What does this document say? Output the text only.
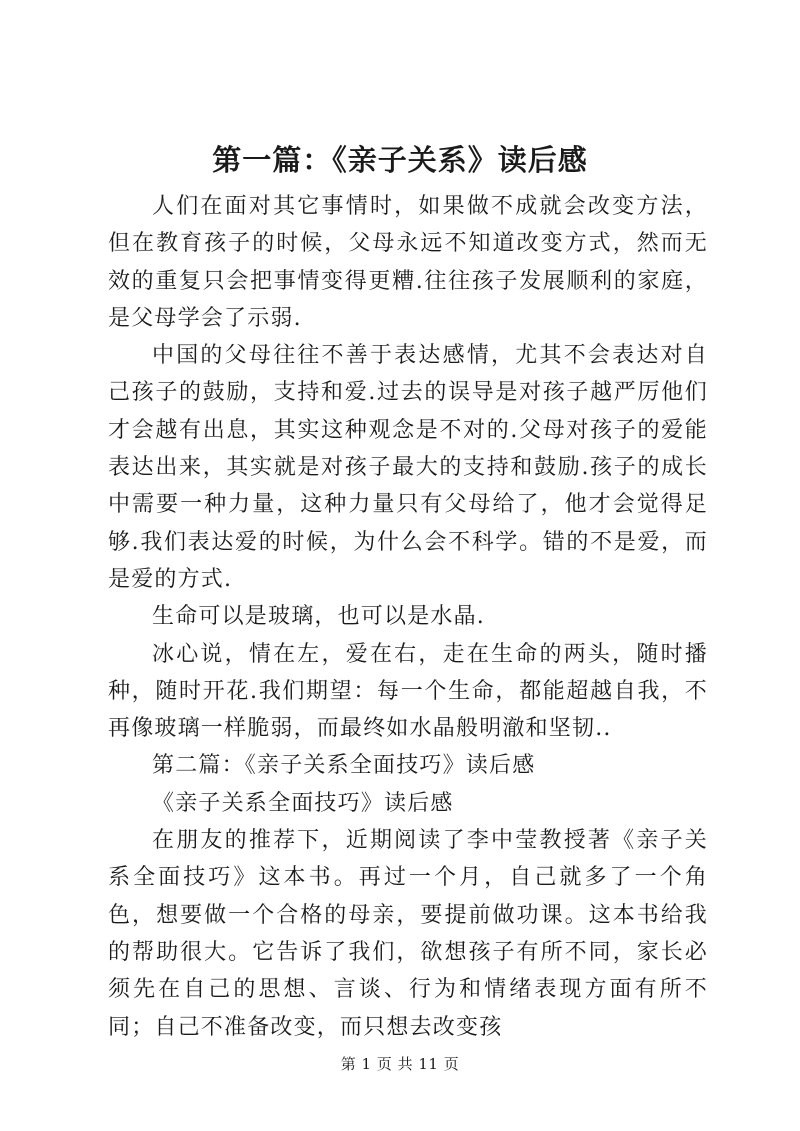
第一篇：《亲子关系》读后感

人们在面对其它事情时，如果做不成就会改变方法，但在教育孩子的时候，父母永远不知道改变方式，然而无效的重复只会把事情变得更糟.往往孩子发展顺利的家庭，是父母学会了示弱.

中国的父母往往不善于表达感情，尤其不会表达对自己孩子的鼓励，支持和爱.过去的误导是对孩子越严厉他们才会越有出息，其实这种观念是不对的.父母对孩子的爱能表达出来，其实就是对孩子最大的支持和鼓励.孩子的成长中需要一种力量，这种力量只有父母给了，他才会觉得足够.我们表达爱的时候，为什么会不科学。错的不是爱，而是爱的方式.

生命可以是玻璃，也可以是水晶.

冰心说，情在左，爱在右，走在生命的两头，随时播种，随时开花.我们期望：每一个生命，都能超越自我，不再像玻璃一样脆弱，而最终如水晶般明澈和坚韧..

第二篇：《亲子关系全面技巧》读后感

《亲子关系全面技巧》读后感

在朋友的推荐下，近期阅读了李中莹教授著《亲子关系全面技巧》这本书。再过一个月，自己就多了一个角色，想要做一个合格的母亲，要提前做功课。这本书给我的帮助很大。它告诉了我们，欲想孩子有所不同，家长必须先在自己的思想、言谈、行为和情绪表现方面有所不同；自己不准备改变，而只想去改变孩

第 1 页 共 11 页
